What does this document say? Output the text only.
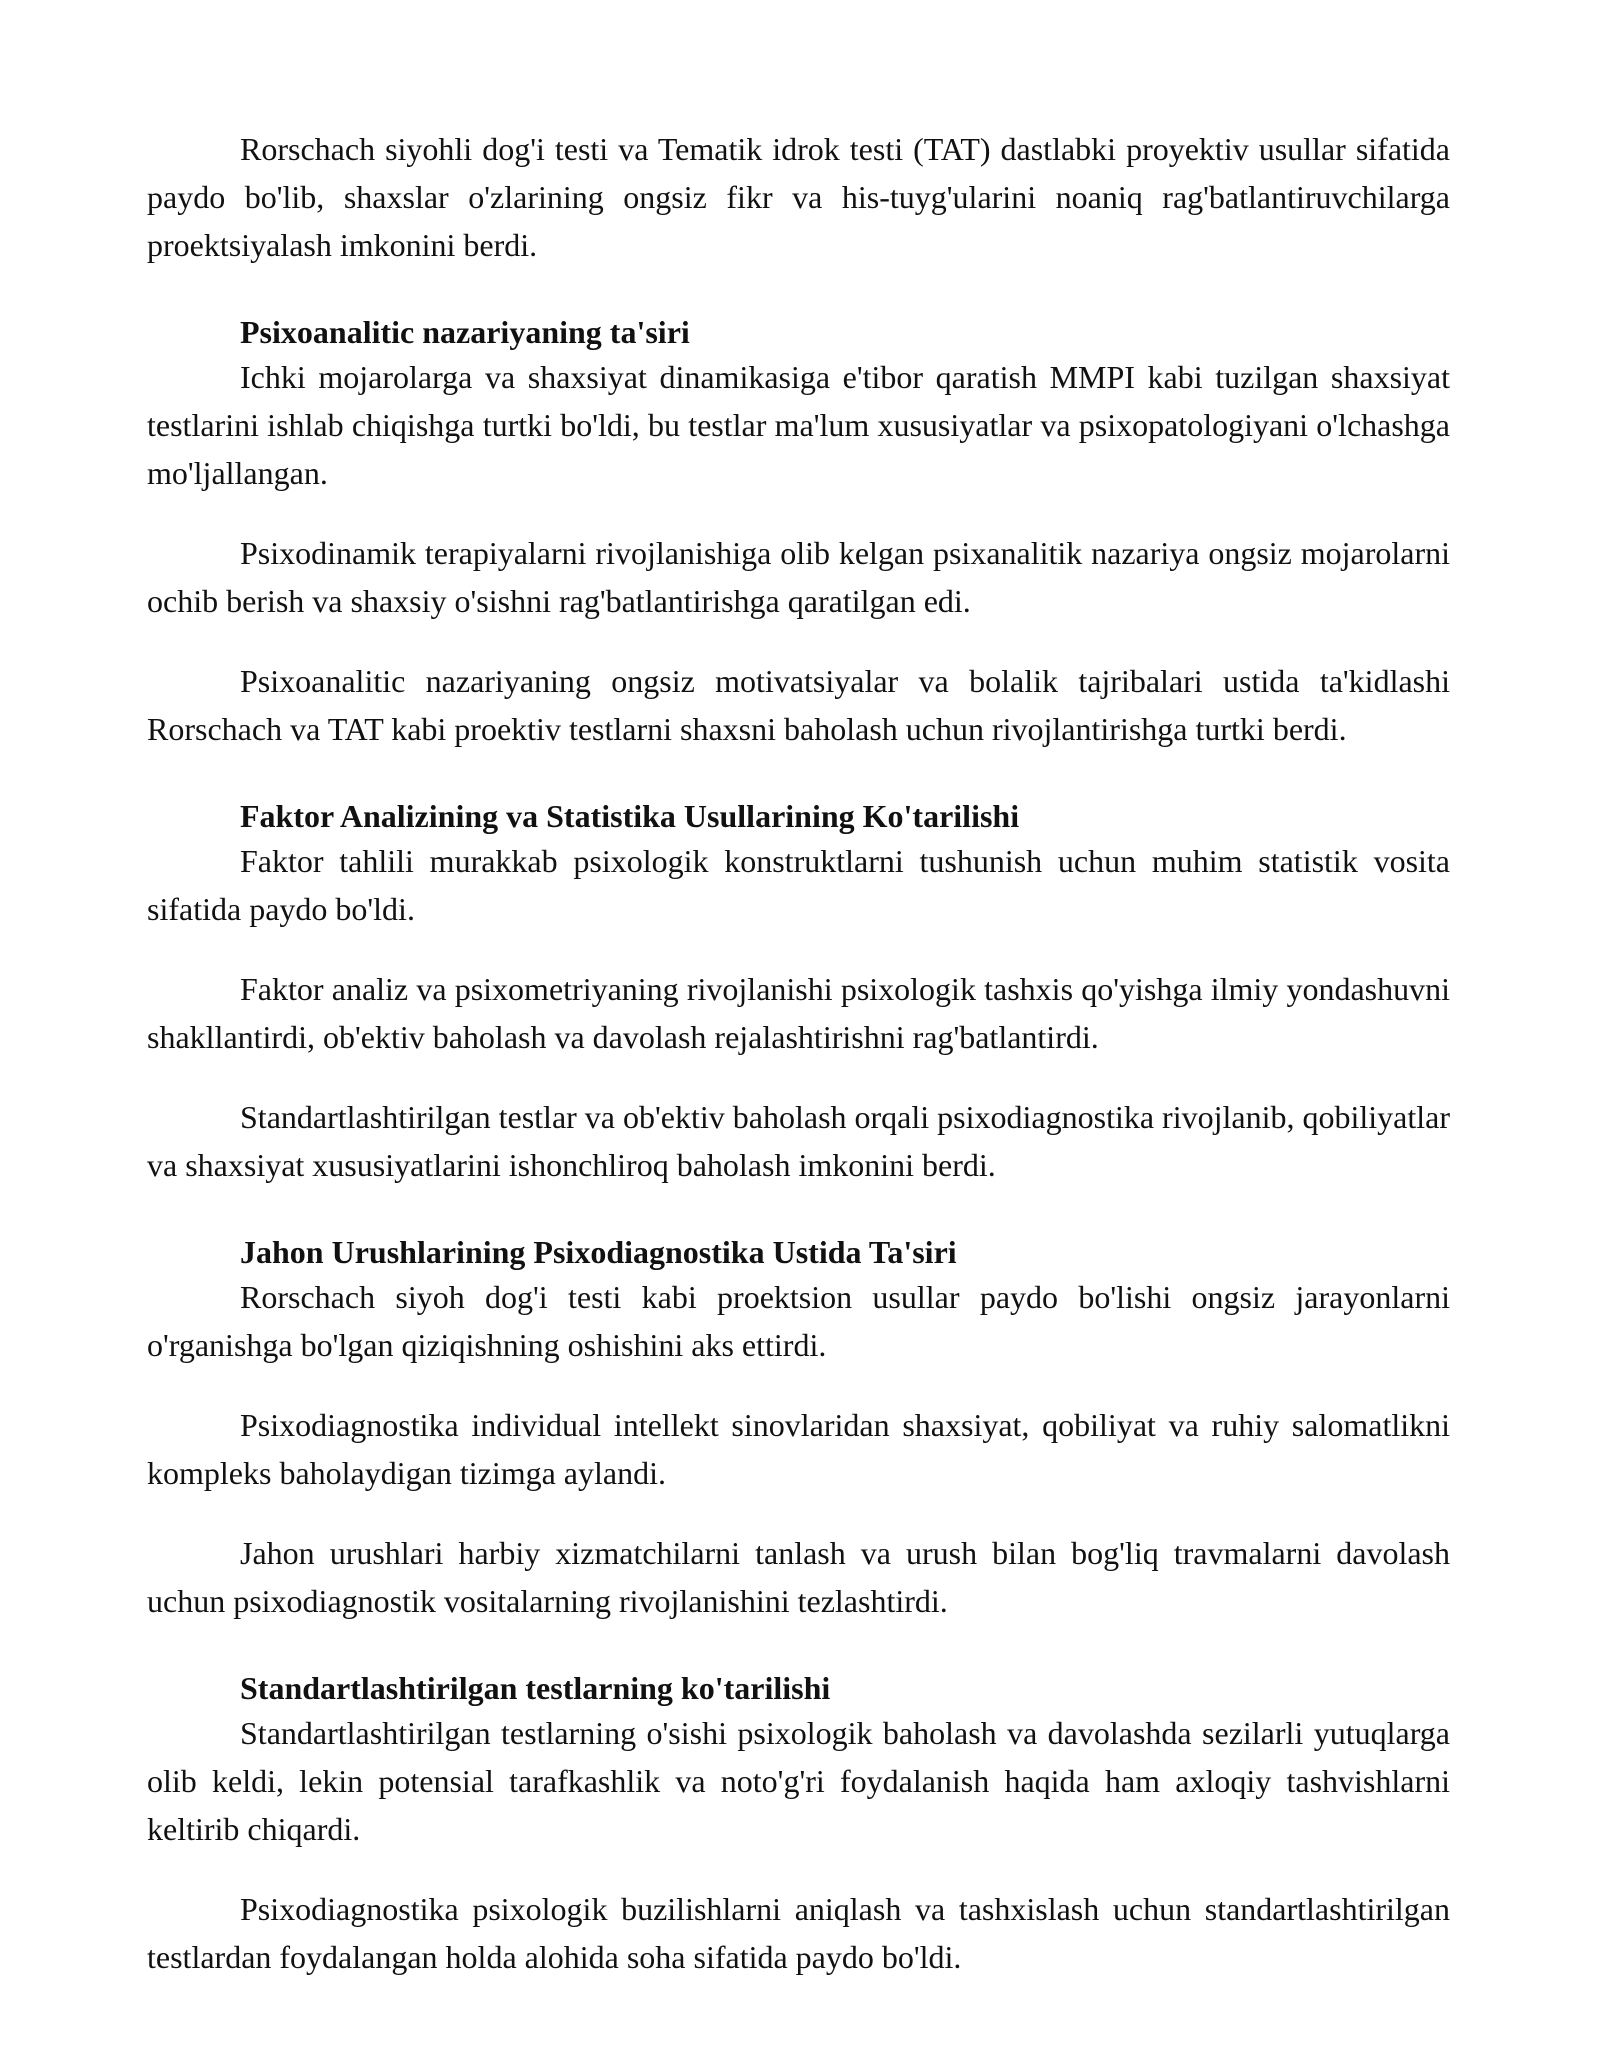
Rorschach siyohli dog'i testi va Tematik idrok testi (TAT) dastlabki proyektiv usullar sifatida paydo bo'lib, shaxslar o'zlarining ongsiz fikr va his-tuyg'ularini noaniq rag'batlantiruvchilarga proektsiyalash imkonini berdi.

Psixoanalitic nazariyaning ta'siri

Ichki mojarolarga va shaxsiyat dinamikasiga e'tibor qaratish MMPI kabi tuzilgan shaxsiyat testlarini ishlab chiqishga turtki bo'ldi, bu testlar ma'lum xususiyatlar va psixopatologiyani o'lchashga mo'ljallangan.

Psixodinamik terapiyalarni rivojlanishiga olib kelgan psixanalitik nazariya ongsiz mojarolarni ochib berish va shaxsiy o'sishni rag'batlantirishga qaratilgan edi.

Psixoanalitic nazariyaning ongsiz motivatsiyalar va bolalik tajribalari ustida ta'kidlashi Rorschach va TAT kabi proektiv testlarni shaxsni baholash uchun rivojlantirishga turtki berdi.

Faktor Analizining va Statistika Usullarining Ko'tarilishi

Faktor tahlili murakkab psixologik konstruktlarni tushunish uchun muhim statistik vosita sifatida paydo bo'ldi.

Faktor analiz va psixometriyaning rivojlanishi psixologik tashxis qo'yishga ilmiy yondashuvni shakllantirdi, ob'ektiv baholash va davolash rejalashtirishni rag'batlantirdi.

Standartlashtirilgan testlar va ob'ektiv baholash orqali psixodiagnostika rivojlanib, qobiliyatlar va shaxsiyat xususiyatlarini ishonchliroq baholash imkonini berdi.

Jahon Urushlarining Psixodiagnostika Ustida Ta'siri

Rorschach siyoh dog'i testi kabi proektsion usullar paydo bo'lishi ongsiz jarayonlarni o'rganishga bo'lgan qiziqishning oshishini aks ettirdi.

Psixodiagnostika individual intellekt sinovlaridan shaxsiyat, qobiliyat va ruhiy salomatlikni kompleks baholaydigan tizimga aylandi.

Jahon urushlari harbiy xizmatchilarni tanlash va urush bilan bog'liq travmalarni davolash uchun psixodiagnostik vositalarning rivojlanishini tezlashtirdi.

Standartlashtirilgan testlarning ko'tarilishi

Standartlashtirilgan testlarning o'sishi psixologik baholash va davolashda sezilarli yutuqlarga olib keldi, lekin potensial tarafkashlik va noto'g'ri foydalanish haqida ham axloqiy tashvishlarni keltirib chiqardi.

Psixodiagnostika psixologik buzilishlarni aniqlash va tashxislash uchun standartlashtirilgan testlardan foydalangan holda alohida soha sifatida paydo bo'ldi.
